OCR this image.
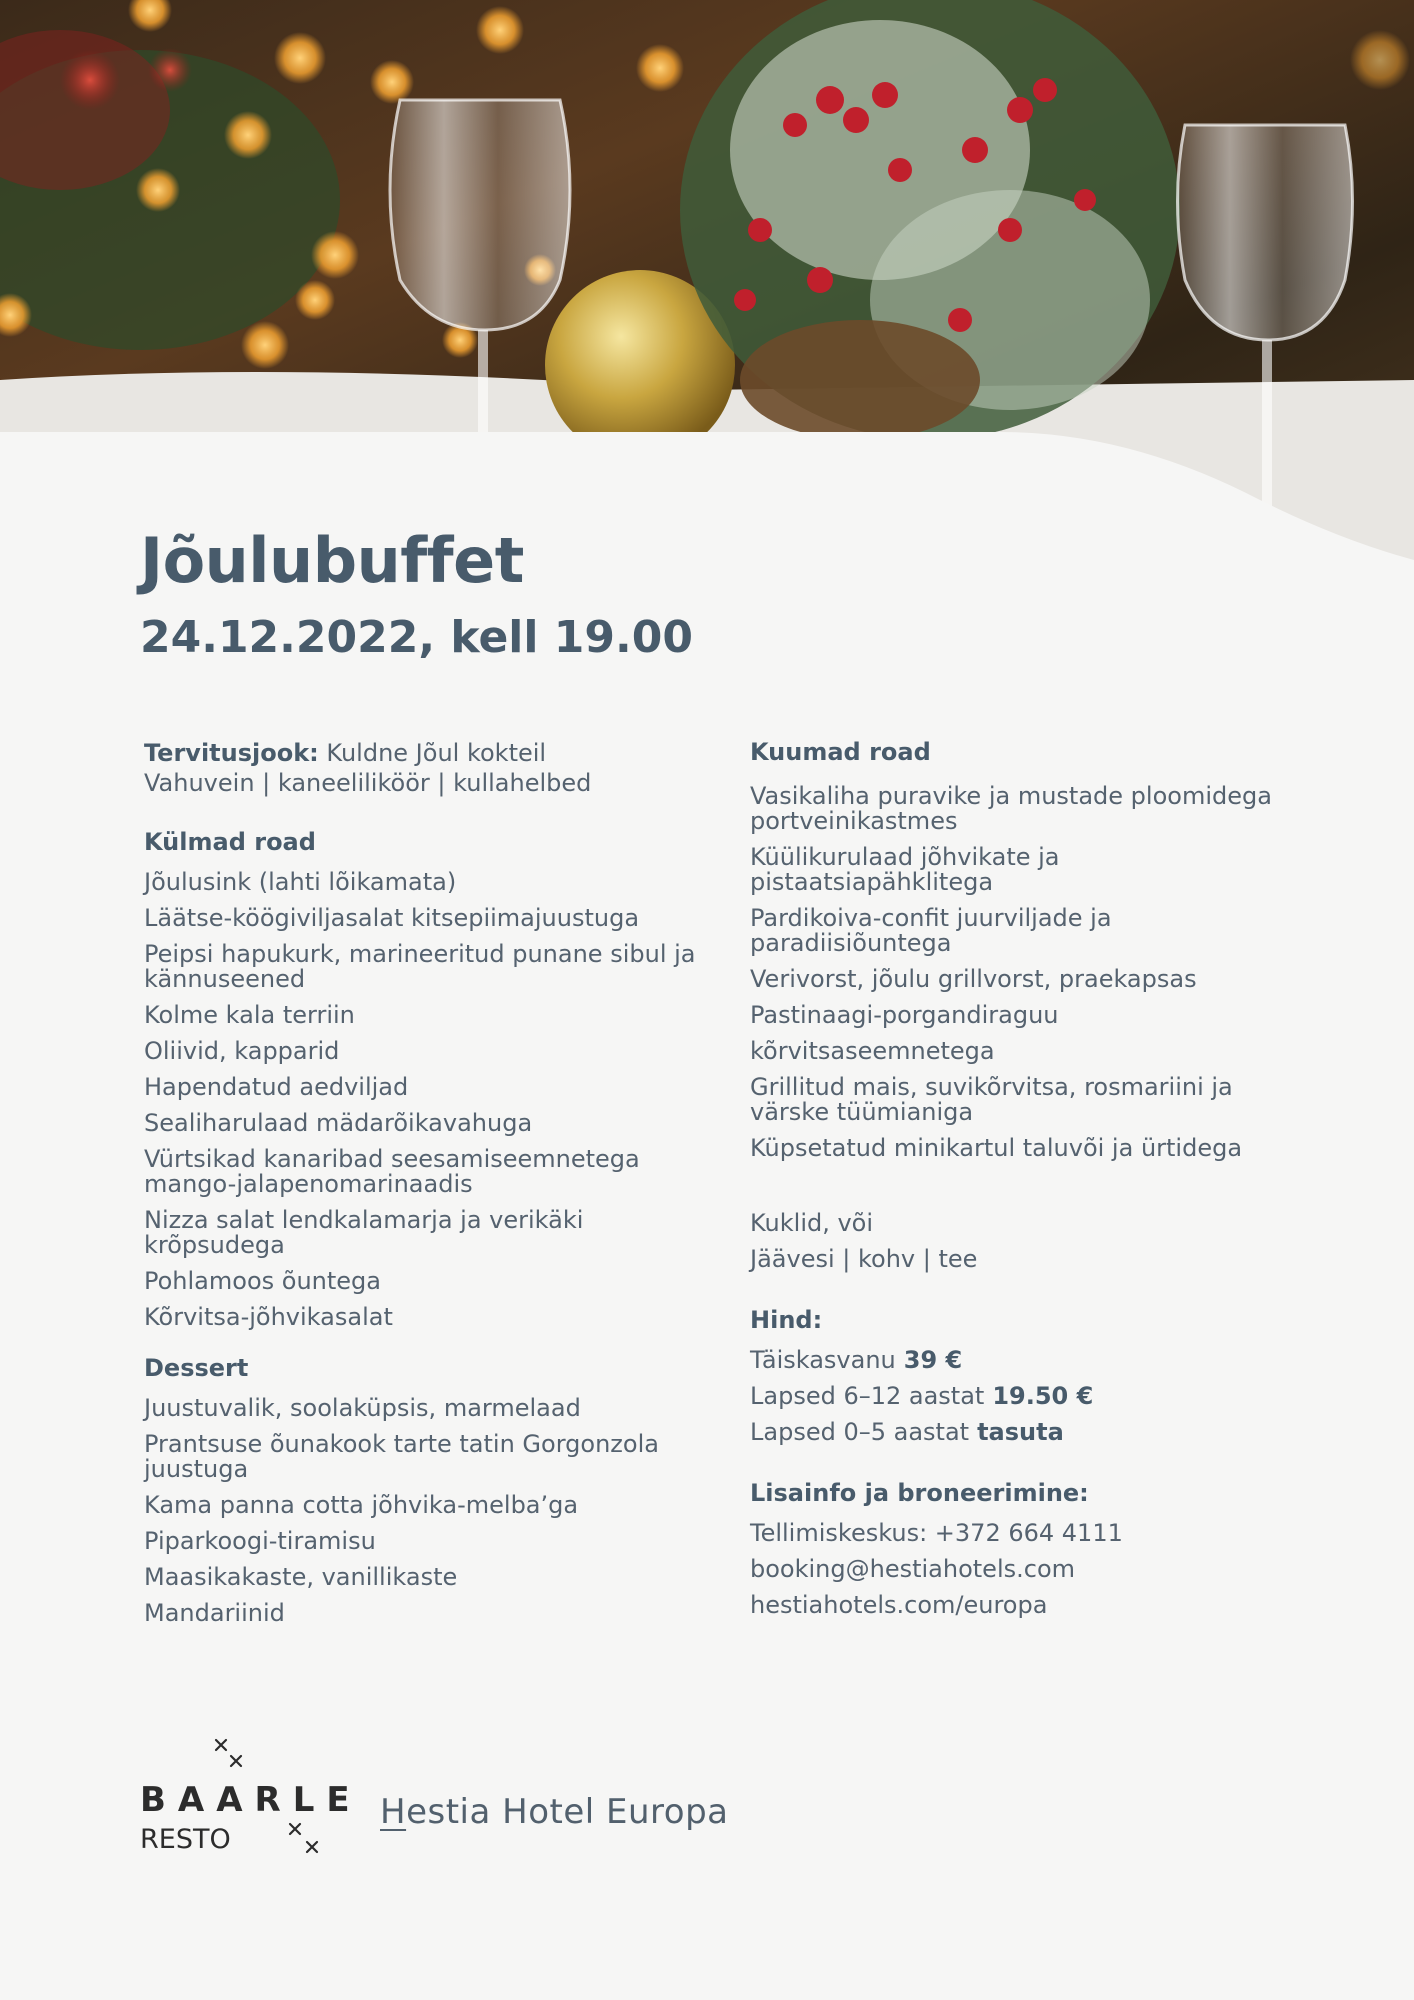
Jõulubuffet
24.12.2022, kell 19.00

Tervitusjook: Kuldne Jõul kokteil

Vahuvein | kaneeliliköör | kullahelbed

Külmad road

Jõulusink (lahti lõikamata)
Läätse-köögiviljasalat kitsepiimajuustuga
Peipsi hapukurk, marineeritud punane sibul ja kännuseened
Kolme kala terriin
Oliivid, kapparid
Hapendatud aedviljad
Sealiharulaad mädarõikavahuga
Vürtsikad kanaribad seesamiseemnetega mango-jalapenomarinaadis
Nizza salat lendkalamarja ja verikäki krõpsudega
Pohlamoos õuntega
Kõrvitsa-jõhvikasalat

Dessert

Juustuvalik, soolaküpsis, marmelaad
Prantsuse õunakook tarte tatin Gorgonzola juustuga
Kama panna cotta jõhvika-melba’ga
Piparkoogi-tiramisu
Maasikakaste, vanillikaste
Mandariinid

Kuumad road

Vasikaliha puravike ja mustade ploomidega portveinikastmes
Küülikurulaad jõhvikate ja pistaatsiapähklitega
Pardikoiva-confit juurviljade ja paradiisiõuntega
Verivorst, jõulu grillvorst, praekapsas
Pastinaagi-porgandiraguu
kõrvitsaseemnetega
Grillitud mais, suvikõrvitsa, rosmariini ja värske tüümianiga
Küpsetatud minikartul taluvõi ja ürtidega
Kuklid, või
Jäävesi | kohv | tee

Hind:

Täiskasvanu 39 €
Lapsed 6–12 aastat 19.50 €
Lapsed 0–5 aastat tasuta

Lisainfo ja broneerimine:

Tellimiskeskus: +372 664 4111
booking@hestiahotels.com
hestiahotels.com/europa
BAARLE
RESTO
Hestia Hotel Europa
